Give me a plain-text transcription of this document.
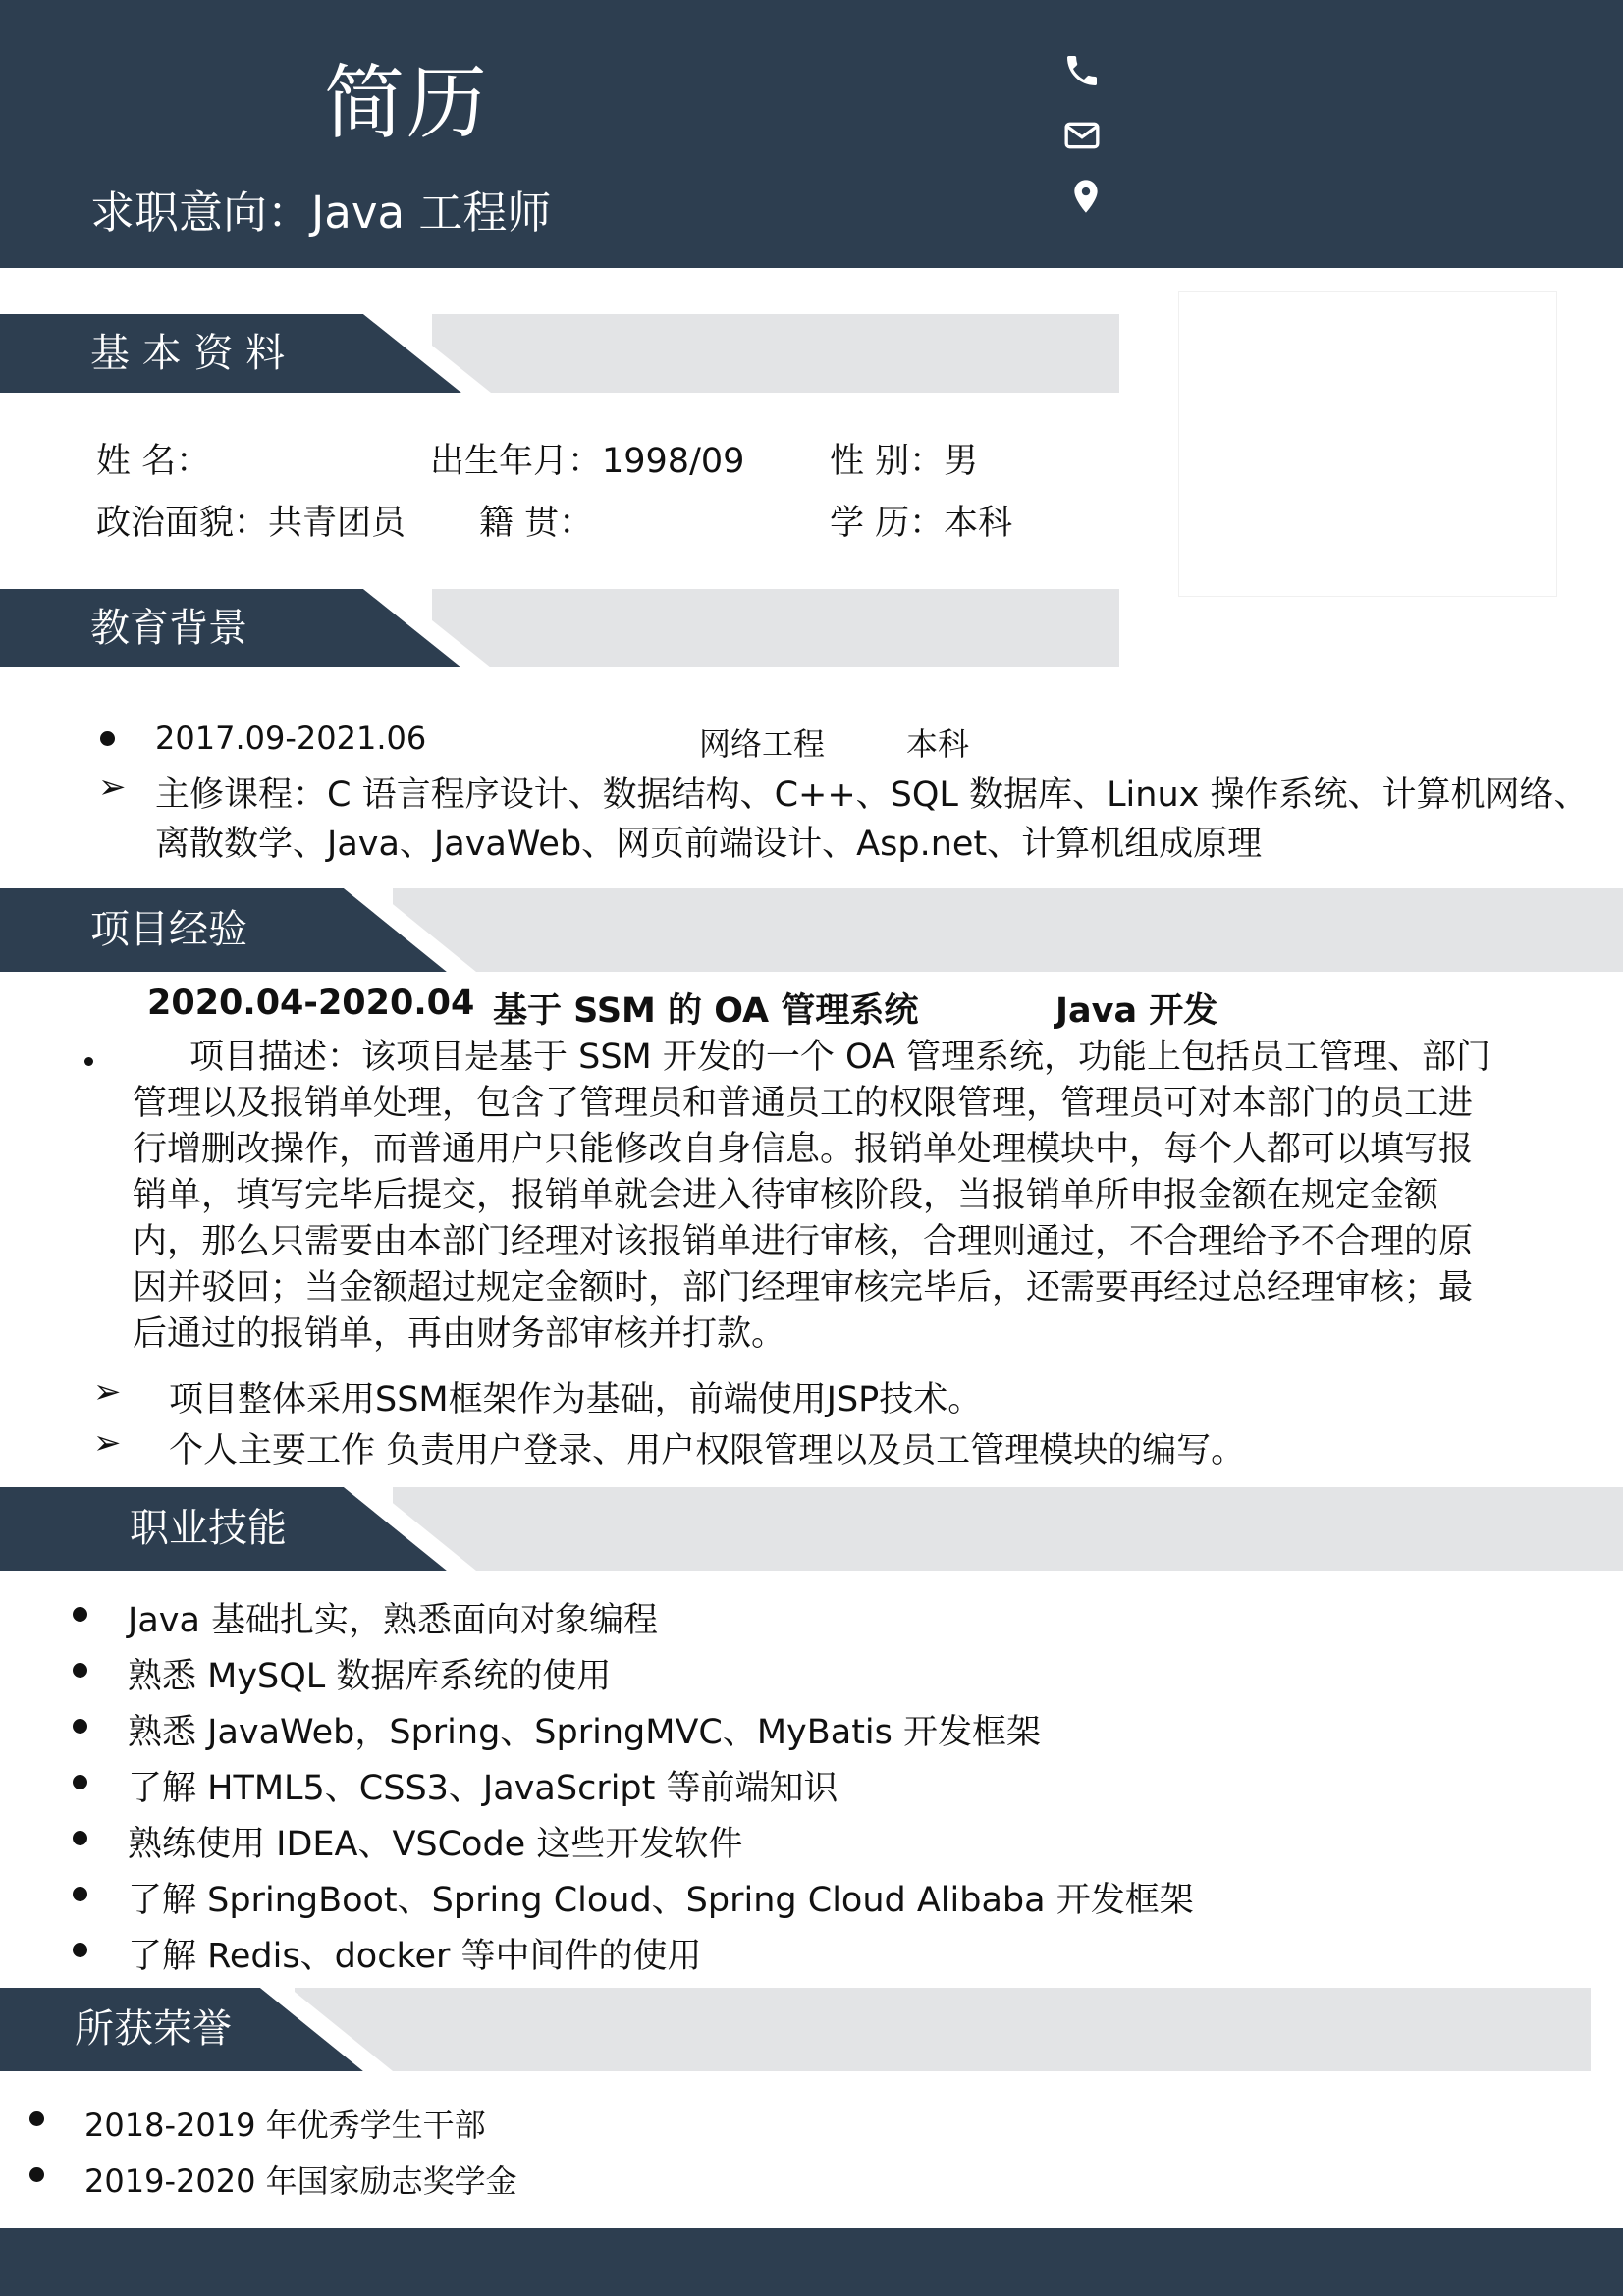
简历
求职意向：Java 工程师
基 本 资 料
姓 名：	出生年月：1998/09 性 别：男
政治面貌：共青团员 籍 贯：	学 历：本科
教育背景
2017.09-2021.06	网络工程	本科
➢ 主修课程：C 语言程序设计、数据结构、C++、SQL 数据库、Linux 操作系统、计算机网络、
离散数学、Java、JavaWeb、网页前端设计、Asp.net、计算机组成原理
项目经验
2020.04-2020.04 基于 SSM 的 OA 管理系统	Java 开发
项目描述：该项目是基于 SSM 开发的一个 OA 管理系统，功能上包括员工管理、部门
管理以及报销单处理，包含了管理员和普通员工的权限管理，管理员可对本部门的员工进
行增删改操作，而普通用户只能修改自身信息。报销单处理模块中，每个人都可以填写报
销单，填写完毕后提交，报销单就会进入待审核阶段，当报销单所申报金额在规定金额
内，那么只需要由本部门经理对该报销单进行审核，合理则通过，不合理给予不合理的原
因并驳回；当金额超过规定金额时，部门经理审核完毕后，还需要再经过总经理审核；最
后通过的报销单，再由财务部审核并打款。
➢ 项目整体采用SSM框架作为基础，前端使用JSP技术。
➢ 个人主要工作 负责用户登录、用户权限管理以及员工管理模块的编写。
职业技能
Java 基础扎实，熟悉面向对象编程
熟悉 MySQL 数据库系统的使用
熟悉 JavaWeb，Spring、SpringMVC、MyBatis 开发框架
了解 HTML5、CSS3、JavaScript 等前端知识
熟练使用 IDEA、VSCode 这些开发软件
了解 SpringBoot、Spring Cloud、Spring Cloud Alibaba 开发框架
了解 Redis、docker 等中间件的使用
所获荣誉
2018-2019 年优秀学生干部
2019-2020 年国家励志奖学金
